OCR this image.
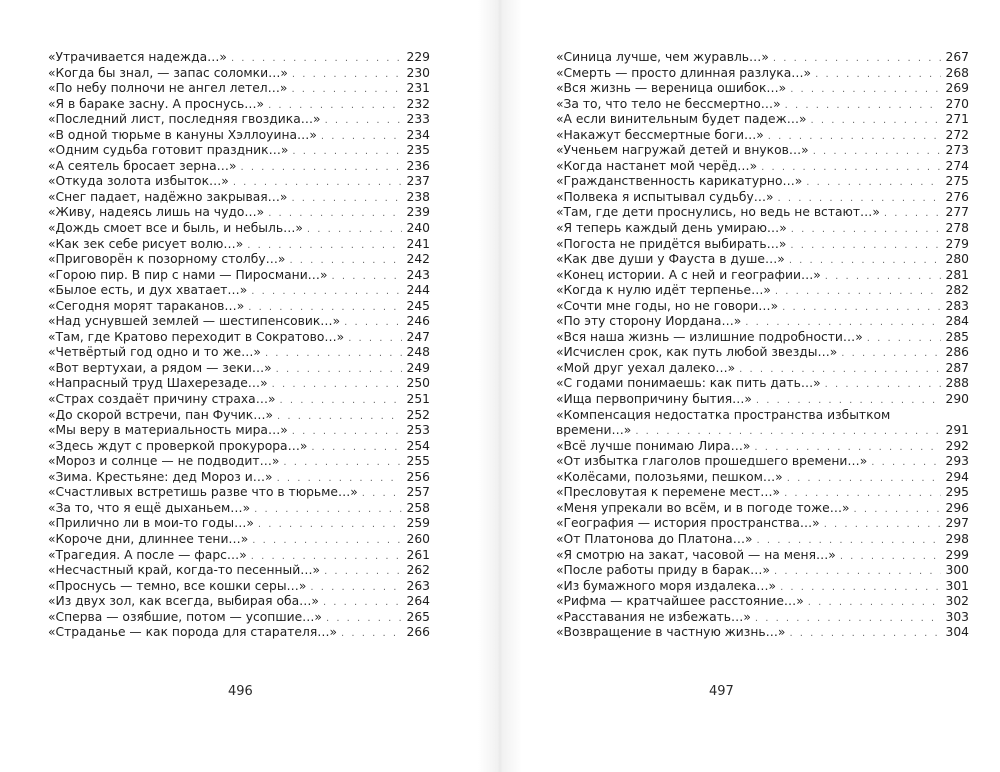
«Утрачивается надежда…» . . .	229
«Когда бы знал, — запас соломки…» . . .	230
«По небу полночи не ангел летел…» . . .	231
«Я в бараке засну. А проснусь…» . . .	232
«Последний лист, последняя гвоздика…» . . .	233
«В одной тюрьме в кануны Хэллоуина…» . . .	234
«Одним судьба готовит праздник…» . . .	235
«А сеятель бросает зерна…» . . .	236
«Откуда золота избыток…» . . .	237
«Снег падает, надёжно закрывая…» . . .	238
«Живу, надеясь лишь на чудо…» . . .	239
«Дождь смоет все и быль, и небыль…» . . .	240
«Как зек себе рисует волю…» . . .	241
«Приговорён к позорному столбу…» . . .	242
«Горою пир. В пир с нами — Пиросмани…» . . .	243
«Былое есть, и дух хватает…» . . .	244
«Сегодня морят тараканов…» . . .	245
«Над уснувшей землей — шестипенсовик…» . . .	246
«Там, где Кратово переходит в Сократово…» . . .	247
«Четвёртый год одно и то же…» . . .	248
«Вот вертухаи, а рядом — зеки…» . . .	249
«Напрасный труд Шахерезаде…» . . .	250
«Страх создаёт причину страха…» . . .	251
«До скорой встречи, пан Фучик…» . . .	252
«Мы веру в материальность мира…» . . .	253
«Здесь ждут с проверкой прокурора…» . . .	254
«Мороз и солнце — не подводит…» . . .	255
«Зима. Крестьяне: дед Мороз и…» . . .	256
«Счастливых встретишь разве что в тюрьме…» . . .	257
«За то, что я ещё дыханьем…» . . .	258
«Прилично ли в мои-то годы…» . . .	259
«Короче дни, длиннее тени…» . . .	260
«Трагедия. А после — фарс…» . . .	261
«Несчастный край, когда-то песенный…» . . .	262
«Проснусь — темно, все кошки серы…» . . .	263
«Из двух зол, как всегда, выбирая оба…» . . .	264
«Сперва — озябшие, потом — усопшие…» . . .	265
«Страданье — как порода для старателя…» . . .	266
496
«Синица лучше, чем журавль…» . . .	267
«Смерть — просто длинная разлука…» . . .	268
«Вся жизнь — вереница ошибок…» . . .	269
«За то, что тело не бессмертно…» . . .	270
«А если винительным будет падеж…» . . .	271
«Накажут бессмертные боги…» . . .	272
«Ученьем нагружай детей и внуков…» . . .	273
«Когда настанет мой черёд…» . . .	274
«Гражданственность карикатурно…» . . .	275
«Полвека я испытывал судьбу…» . . .	276
«Там, где дети проснулись, но ведь не встают…» . . .	277
«Я теперь каждый день умираю…» . . .	278
«Погоста не придётся выбирать…» . . .	279
«Как две души у Фауста в душе…» . . .	280
«Конец истории. А с ней и географии…» . . .	281
«Когда к нулю идёт терпенье…» . . .	282
«Сочти мне годы, но не говори…» . . .	283
«По эту сторону Иордана…» . . .	284
«Вся наша жизнь — излишние подробности…» . . .	285
«Исчислен срок, как путь любой звезды…» . . .	286
«Мой друг уехал далеко…» . . .	287
«С годами понимаешь: как пить дать…» . . .	288
«Ища первопричину бытия…» . . .	290
«Компенсация недостатка пространства избытком
времени…» . . .	291
«Всё лучше понимаю Лира…» . . .	292
«От избытка глаголов прошедшего времени…» . . .	293
«Колёсами, полозьями, пешком…» . . .	294
«Пресловутая к перемене мест…» . . .	295
«Меня упрекали во всём, и в погоде тоже…» . . .	296
«География — история пространства…» . . .	297
«От Платонова до Платона…» . . .	298
«Я смотрю на закат, часовой — на меня…» . . .	299
«После работы приду в барак…» . . .	300
«Из бумажного моря издалека…» . . .	301
«Рифма — кратчайшее расстояние…» . . .	302
«Расставания не избежать…» . . .	303
«Возвращение в частную жизнь…» . . .	304
497
